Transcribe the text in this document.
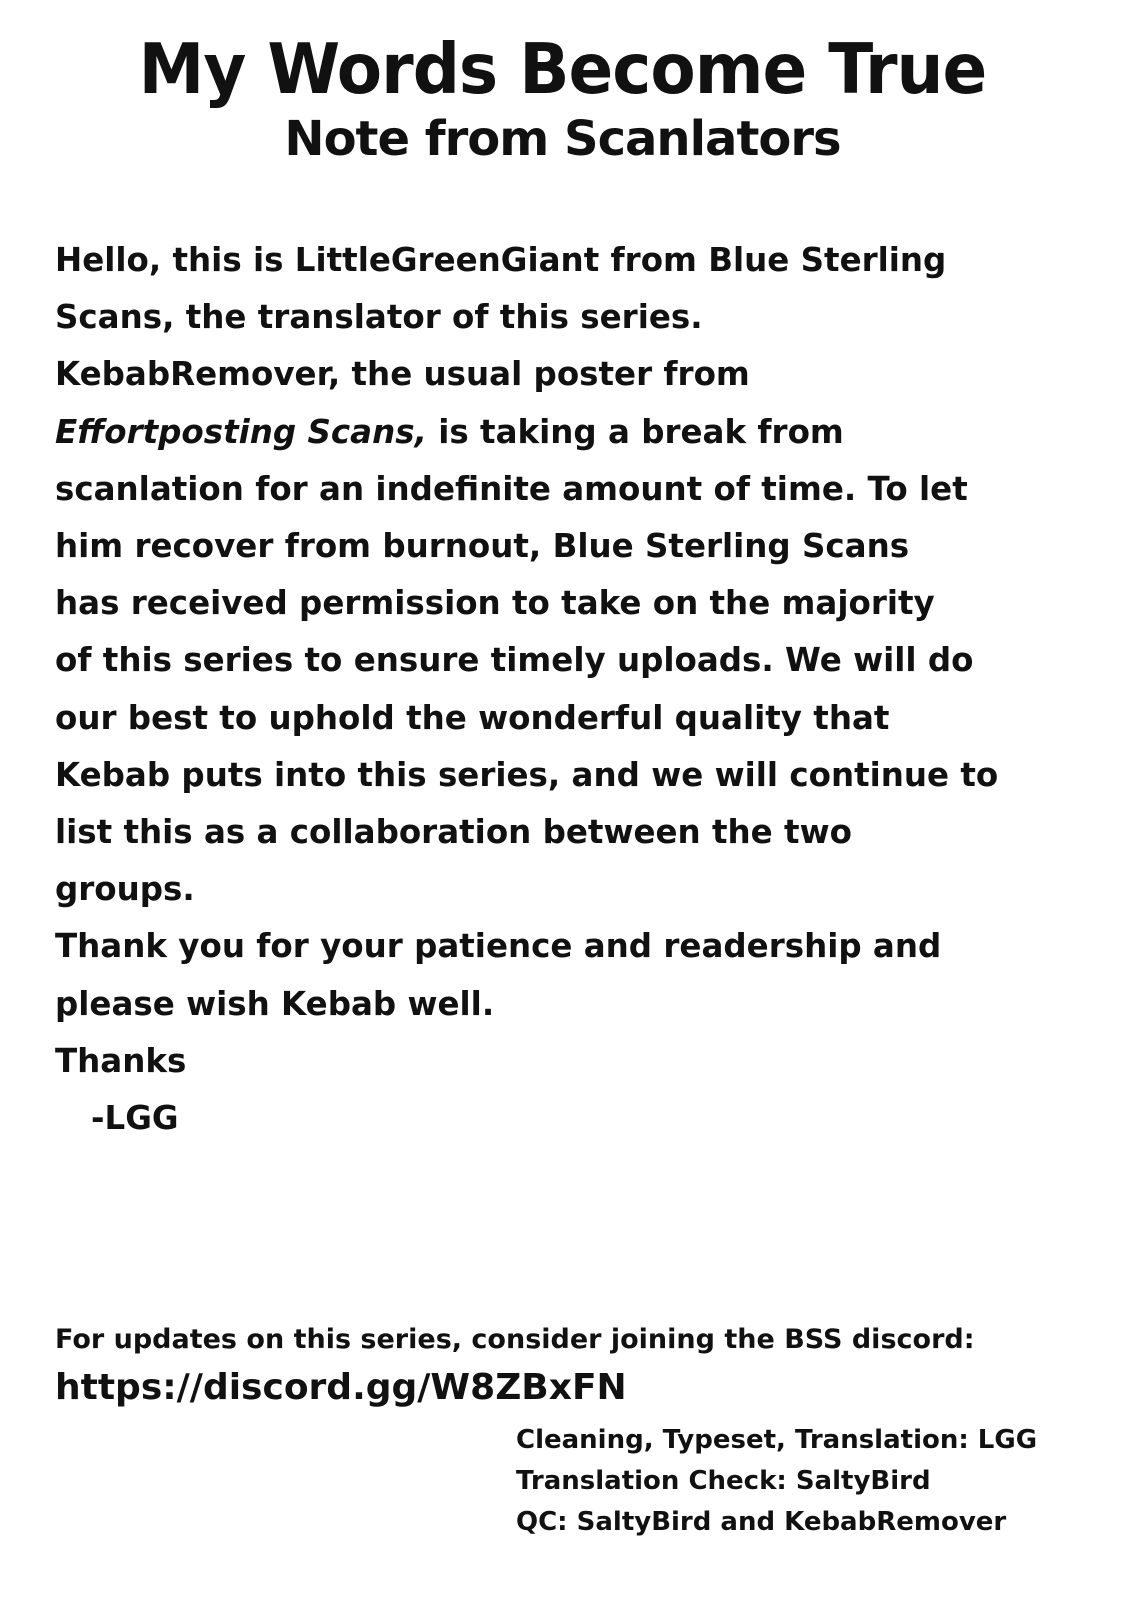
My Words Become True
Note from Scanlators
Hello, this is LittleGreenGiant from Blue Sterling
Scans, the translator of this series.
KebabRemover, the usual poster from
Effortposting Scans, is taking a break from
scanlation for an indefinite amount of time. To let
him recover from burnout, Blue Sterling Scans
has received permission to take on the majority
of this series to ensure timely uploads. We will do
our best to uphold the wonderful quality that
Kebab puts into this series, and we will continue to
list this as a collaboration between the two
groups.
Thank you for your patience and readership and
please wish Kebab well.
Thanks
-LGG
For updates on this series, consider joining the BSS discord:
https://discord.gg/W8ZBxFN
Cleaning, Typeset, Translation: LGG
Translation Check: SaltyBird
QC: SaltyBird and KebabRemover
